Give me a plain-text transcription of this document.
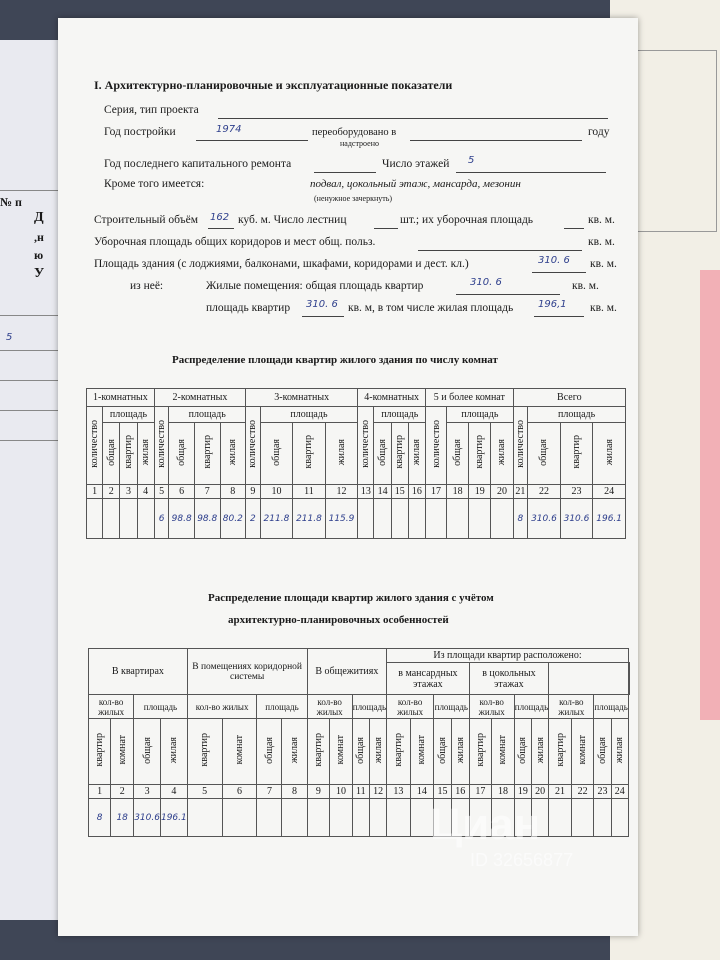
№ п
Д
,н
ю
У
5
I. Архитектурно-планировочные и эксплуатационные показатели
Серия, тип проекта
Год постройки	1974	переоборудовано в
надстроено
году
Год последнего капитального ремонта	Число этажей 5
Кроме того имеется:	подвал, цокольный этаж, мансарда, мезонин
(ненужное зачеркнуть)
Строительный объём 162 куб. м. Число лестниц	шт.; их уборочная площадь	кв. м.
Уборочная площадь общих коридоров и мест общ. польз.	кв. м.
Площадь здания (с лоджиями, балконами, шкафами, коридорами и дест. кл.)	310. 6 кв. м.
из неё:	Жилые помещения: общая площадь квартир	310. 6	кв. м.
площадь квартир 310. 6 кв. м, в том числе жилая площадь 196,1 кв. м.
Распределение площади квартир жилого здания по числу комнат
1-комнатных				2-комнатных				3-комнатных				4-комнатных				5 и более комнат				Всего			
количество	площадь			количество	площадь			количество	площадь			количество	площадь			количество	площадь			количество	площадь		
	общая	квартир	жилая		общая	квартир	жилая		общая	квартир	жилая		общая	квартир	жилая		общая	квартир	жилая		общая	квартир	жилая
1	2	3	4	5	6	7	8	9	10	11	12	13	14	15	16	17	18	19	20	21	22	23	24
				6	98.8	98.8	80.2	2	211.8	211.8	115.9									8	310.6	310.6	196.1
Распределение площади квартир жилого здания с учётом
архитектурно-планировочных особенностей
В квартирах				В помещениях коридорной системы				В общежитиях				Из площади квартир расположено:												
												в мансардных этажах				в цокольных этажах								
кол-во жилых		площадь		кол-во жилых		площадь		кол-во жилых		площадь		кол-во жилых		площадь		кол-во жилых		площадь		кол-во жилых		площадь		
квартир	комнат	общая	жилая	квартир	комнат	общая	жилая	квартир	комнат	общая	жилая	квартир	комнат	общая	жилая	квартир	комнат	общая	жилая	квартир	комнат	общая	жилая	
1	2	3	4	5	6	7	8	9	10	11	12	13	14	15	16	17	18	19	20	21	22	23	24	
8	18	310.6	196.1																						Циан
ID 32656877
